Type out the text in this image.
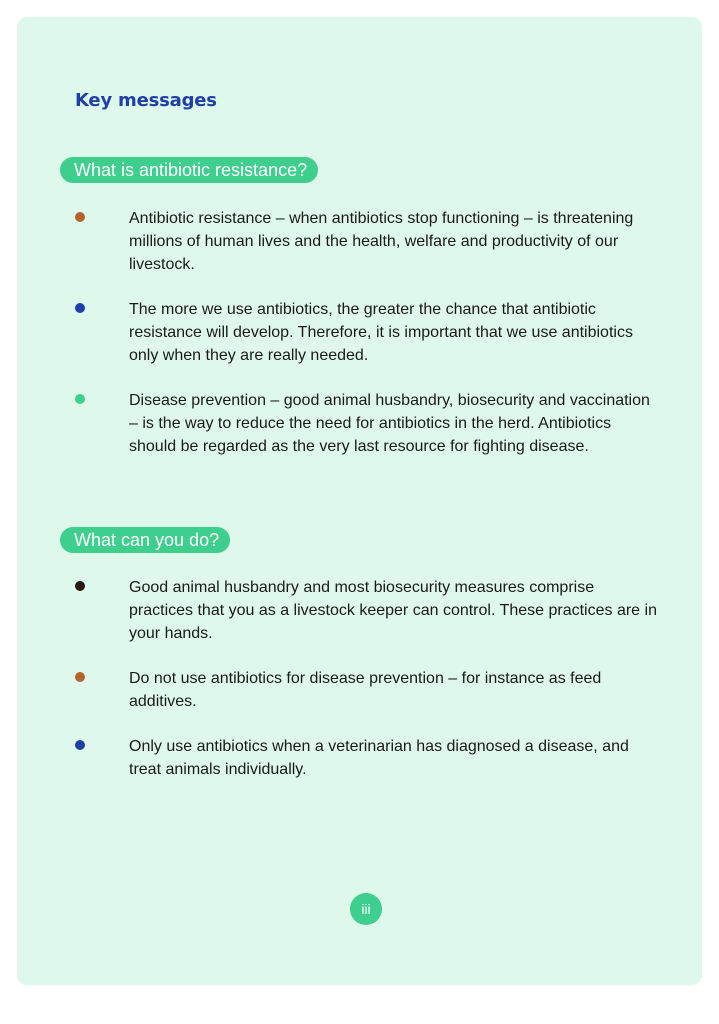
Key messages
What is antibiotic resistance?
Antibiotic resistance – when antibiotics stop functioning – is threatening millions of human lives and the health, welfare and productivity of our livestock.
The more we use antibiotics, the greater the chance that antibiotic resistance will develop. Therefore, it is important that we use antibiotics only when they are really needed.
Disease prevention – good animal husbandry, biosecurity and vaccination – is the way to reduce the need for antibiotics in the herd. Antibiotics should be regarded as the very last resource for fighting disease.
What can you do?
Good animal husbandry and most biosecurity measures comprise practices that you as a livestock keeper can control. These practices are in your hands.
Do not use antibiotics for disease prevention – for instance as feed additives.
Only use antibiotics when a veterinarian has diagnosed a disease, and treat animals individually.
iii
